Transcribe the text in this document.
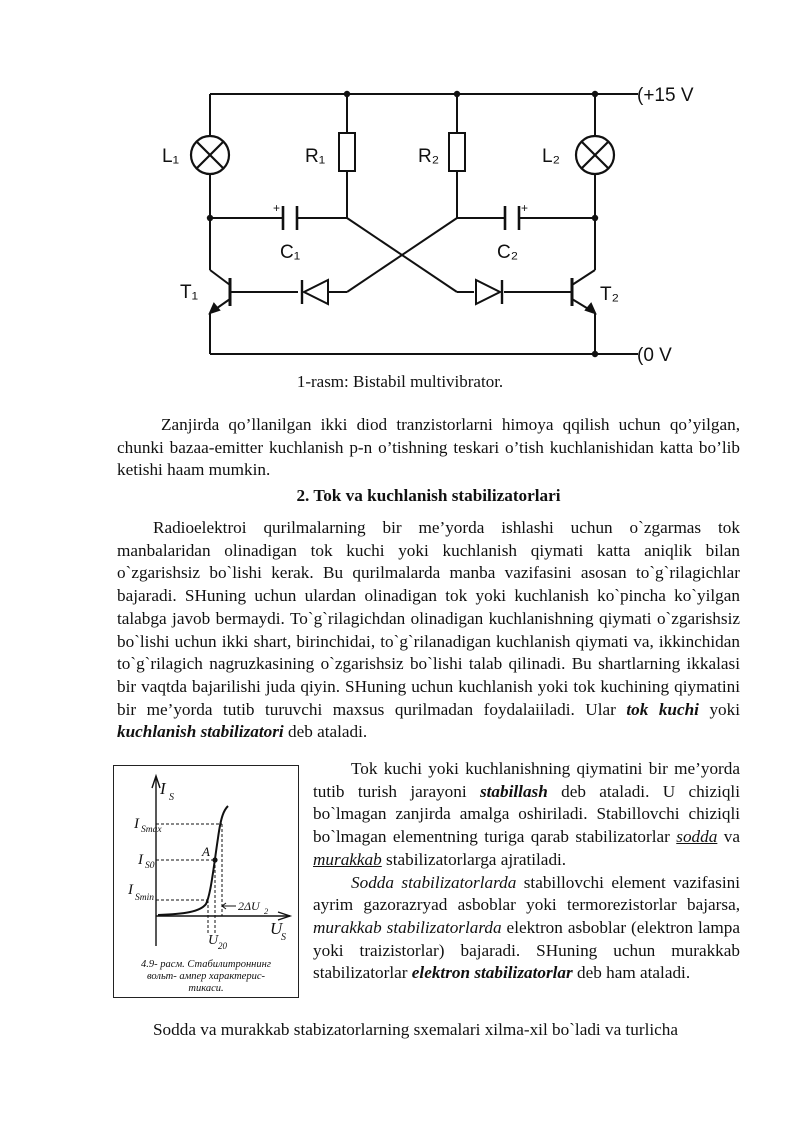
L₁	R₁	R₂	L₂
C₁	C₂
T₁	T₂
(+15 V
(0 V
+	+
1-rasm: Bistabil multivibrator.
Zanjirda qo’llanilgan ikki diod tranzistorlarni himoya qqilish uchun qo’yilgan, chunki bazaa-emitter kuchlanish p-n o’tishning teskari o’tish kuchlanishidan katta bo’lib ketishi haam mumkin.
2. Tok va kuchlanish stabilizatorlari
Radioelektroi qurilmalarning bir me’yorda ishlashi uchun o`zgarmas tok manbalaridan olinadigan tok kuchi yoki kuchlanish qiymati katta aniqlik bilan o`zgarishsiz bo`lishi kerak. Bu qurilmalarda manba vazifasini asosan to`g`rilagichlar bajaradi. SHuning uchun ulardan olinadigan tok yoki kuchlanish ko`pincha ko`yilgan talabga javob bermaydi. To`g`rilagichdan olinadigan kuchlanishning qiymati o`zgarishsiz bo`lishi uchun ikki shart, birinchidai, to`g`rilanadigan kuchlanish qiymati va, ikkinchidan to`g`rilagich nagruzkasining o`zgarishsiz bo`lishi talab qilinadi. Bu shartlarning ikkalasi bir vaqtda bajarilishi juda qiyin. SHuning uchun kuchlanish yoki tok kuchining qiymatini bir me’yorda tutib turuvchi maxsus qurilmadan foydalaiiladi. Ular tok kuchi yoki kuchlanish stabilizatori deb ataladi.
I S
I Smax
I S0
I Smin
A
2ΔU 2
U 20
U
S
4.9- расм. Стабилитроннинг
вольт- ампер характерис-
тикаси.
Tok kuchi yoki kuchlanishning qiymatini bir me’yorda tutib turish jarayoni stabillash deb ataladi. U chiziqli bo`lmagan zanjirda amalga oshiriladi. Stabillovchi chiziqli bo`lmagan elementning turiga qarab stabilizatorlar sodda va murakkab stabilizatorlarga ajratiladi.
Sodda stabilizatorlarda stabillovchi element vazifasini ayrim gazorazryad asboblar yoki termorezistorlar bajarsa, murakkab stabilizatorlarda elektron asboblar (elektron lampa yoki traizistorlar) bajaradi. SHuning uchun murakkab stabilizatorlar elektron stabilizatorlar deb ham ataladi.
Sodda va murakkab stabizatorlarning sxemalari xilma-xil bo`ladi va turlicha
